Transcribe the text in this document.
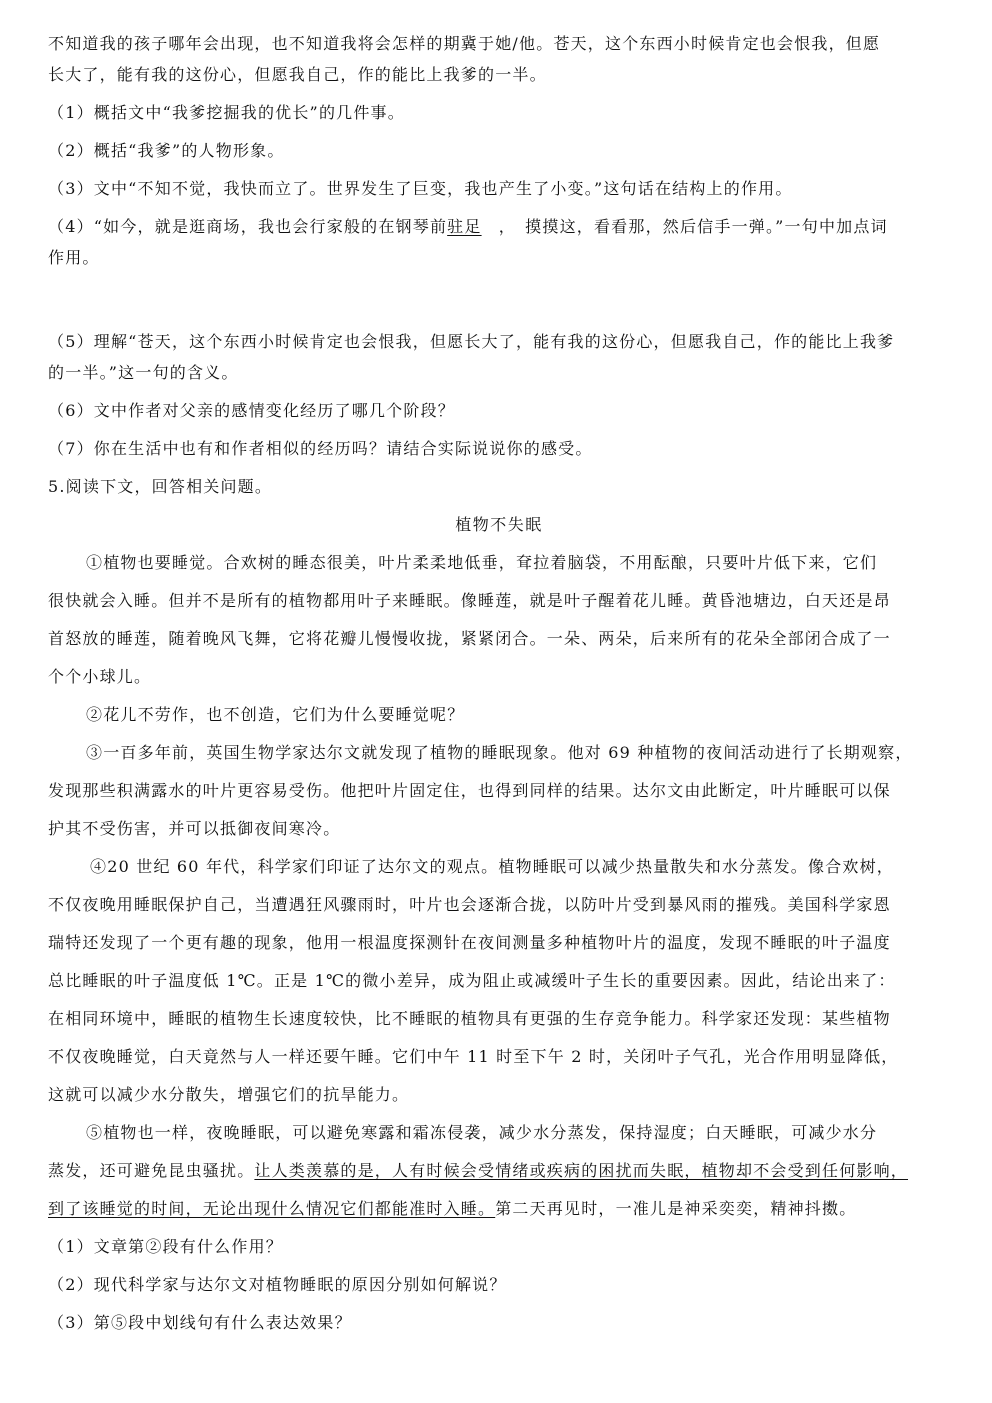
不知道我的孩子哪年会出现，也不知道我将会怎样的期冀于她/他。苍天，这个东西小时候肯定也会恨我，但愿
长大了，能有我的这份心，但愿我自己，作的能比上我爹的一半。
（1）概括文中“我爹挖掘我的优长”的几件事。
（2）概括“我爹”的人物形象。
（3）文中“不知不觉，我快而立了。世界发生了巨变，我也产生了小变。”这句话在结构上的作用。
（4）“如今，就是逛商场，我也会行家般的在钢琴前驻足　，　摸摸这，看看那，然后信手一弹。”一句中加点词
作用。
（5）理解“苍天，这个东西小时候肯定也会恨我，但愿长大了，能有我的这份心，但愿我自己，作的能比上我爹
的一半。”这一句的含义。
（6）文中作者对父亲的感情变化经历了哪几个阶段？
（7）你在生活中也有和作者相似的经历吗？请结合实际说说你的感受。
5.阅读下文，回答相关问题。
植物不失眠
①植物也要睡觉。合欢树的睡态很美，叶片柔柔地低垂，耷拉着脑袋，不用酝酿，只要叶片低下来，它们
很快就会入睡。但并不是所有的植物都用叶子来睡眠。像睡莲，就是叶子醒着花儿睡。黄昏池塘边，白天还是昂
首怒放的睡莲，随着晚风飞舞，它将花瓣儿慢慢收拢，紧紧闭合。一朵、两朵，后来所有的花朵全部闭合成了一
个个小球儿。
②花儿不劳作，也不创造，它们为什么要睡觉呢？
③一百多年前，英国生物学家达尔文就发现了植物的睡眠现象。他对 69 种植物的夜间活动进行了长期观察，
发现那些积满露水的叶片更容易受伤。他把叶片固定住，也得到同样的结果。达尔文由此断定，叶片睡眠可以保
护其不受伤害，并可以抵御夜间寒冷。
④20 世纪 60 年代，科学家们印证了达尔文的观点。植物睡眠可以减少热量散失和水分蒸发。像合欢树，
不仅夜晚用睡眠保护自己，当遭遇狂风骤雨时，叶片也会逐渐合拢，以防叶片受到暴风雨的摧残。美国科学家恩
瑞特还发现了一个更有趣的现象，他用一根温度探测针在夜间测量多种植物叶片的温度，发现不睡眠的叶子温度
总比睡眠的叶子温度低 1℃。正是 1℃的微小差异，成为阻止或减缓叶子生长的重要因素。因此，结论出来了：
在相同环境中，睡眠的植物生长速度较快，比不睡眠的植物具有更强的生存竞争能力。科学家还发现：某些植物
不仅夜晚睡觉，白天竟然与人一样还要午睡。它们中午 11 时至下午 2 时，关闭叶子气孔，光合作用明显降低，
这就可以减少水分散失，增强它们的抗旱能力。
⑤植物也一样，夜晚睡眠，可以避免寒露和霜冻侵袭，减少水分蒸发，保持湿度；白天睡眠，可减少水分
蒸发，还可避免昆虫骚扰。让人类羡慕的是，人有时候会受情绪或疾病的困扰而失眠，植物却不会受到任何影响，
到了该睡觉的时间，无论出现什么情况它们都能准时入睡。第二天再见时，一准儿是神采奕奕，精神抖擞。
（1）文章第②段有什么作用？
（2）现代科学家与达尔文对植物睡眠的原因分别如何解说？
（3）第⑤段中划线句有什么表达效果？
